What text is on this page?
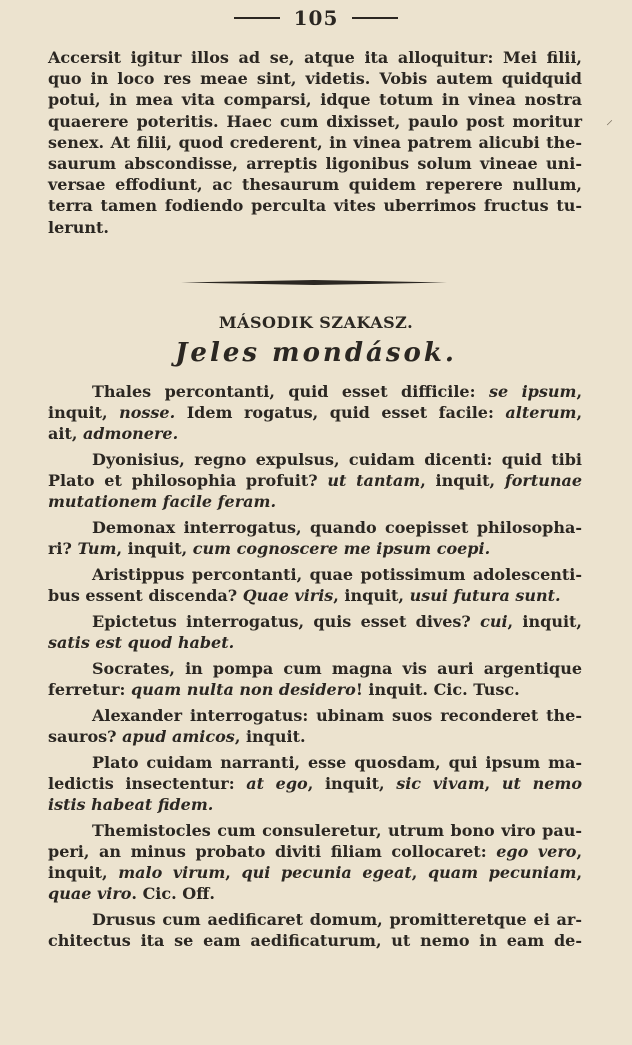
105
Accersit igitur illos ad se, atque ita alloquitur: Mei filii,
quo in loco res meae sint, videtis. Vobis autem quidquid
potui, in mea vita comparsi, idque totum in vinea nostra
quaerere poteritis. Haec cum dixisset, paulo post moritur
senex. At filii, quod crederent, in vinea patrem alicubi the-
saurum abscondisse, arreptis ligonibus solum vineae uni-
versae effodiunt, ac thesaurum quidem reperere nullum,
terra tamen fodiendo perculta vites uberrimos fructus tu-
lerunt.
MÁSODIK SZAKASZ.
Jeles mondások.
Thales percontanti, quid esset difficile: se ipsum,
inquit, nosse. Idem rogatus, quid esset facile: alterum,
ait, admonere.
Dyonisius, regno expulsus, cuidam dicenti: quid tibi
Plato et philosophia profuit? ut tantam, inquit, fortunae
mutationem facile feram.
Demonax interrogatus, quando coepisset philosopha-
ri? Tum, inquit, cum cognoscere me ipsum coepi.
Aristippus percontanti, quae potissimum adolescenti-
bus essent discenda? Quae viris, inquit, usui futura sunt.
Epictetus interrogatus, quis esset dives? cui, inquit,
satis est quod habet.
Socrates, in pompa cum magna vis auri argentique
ferretur: quam nulta non desidero! inquit. Cic. Tusc.
Alexander interrogatus: ubinam suos reconderet the-
sauros? apud amicos, inquit.
Plato cuidam narranti, esse quosdam, qui ipsum ma-
ledictis insectentur: at ego, inquit, sic vivam, ut nemo
istis habeat fidem.
Themistocles cum consuleretur, utrum bono viro pau-
peri, an minus probato diviti filiam collocaret: ego vero,
inquit, malo virum, qui pecunia egeat, quam pecuniam,
quae viro. Cic. Off.
Drusus cum aedificaret domum, promitteretque ei ar-
chitectus ita se eam aedificaturum, ut nemo in eam de-
⸍
